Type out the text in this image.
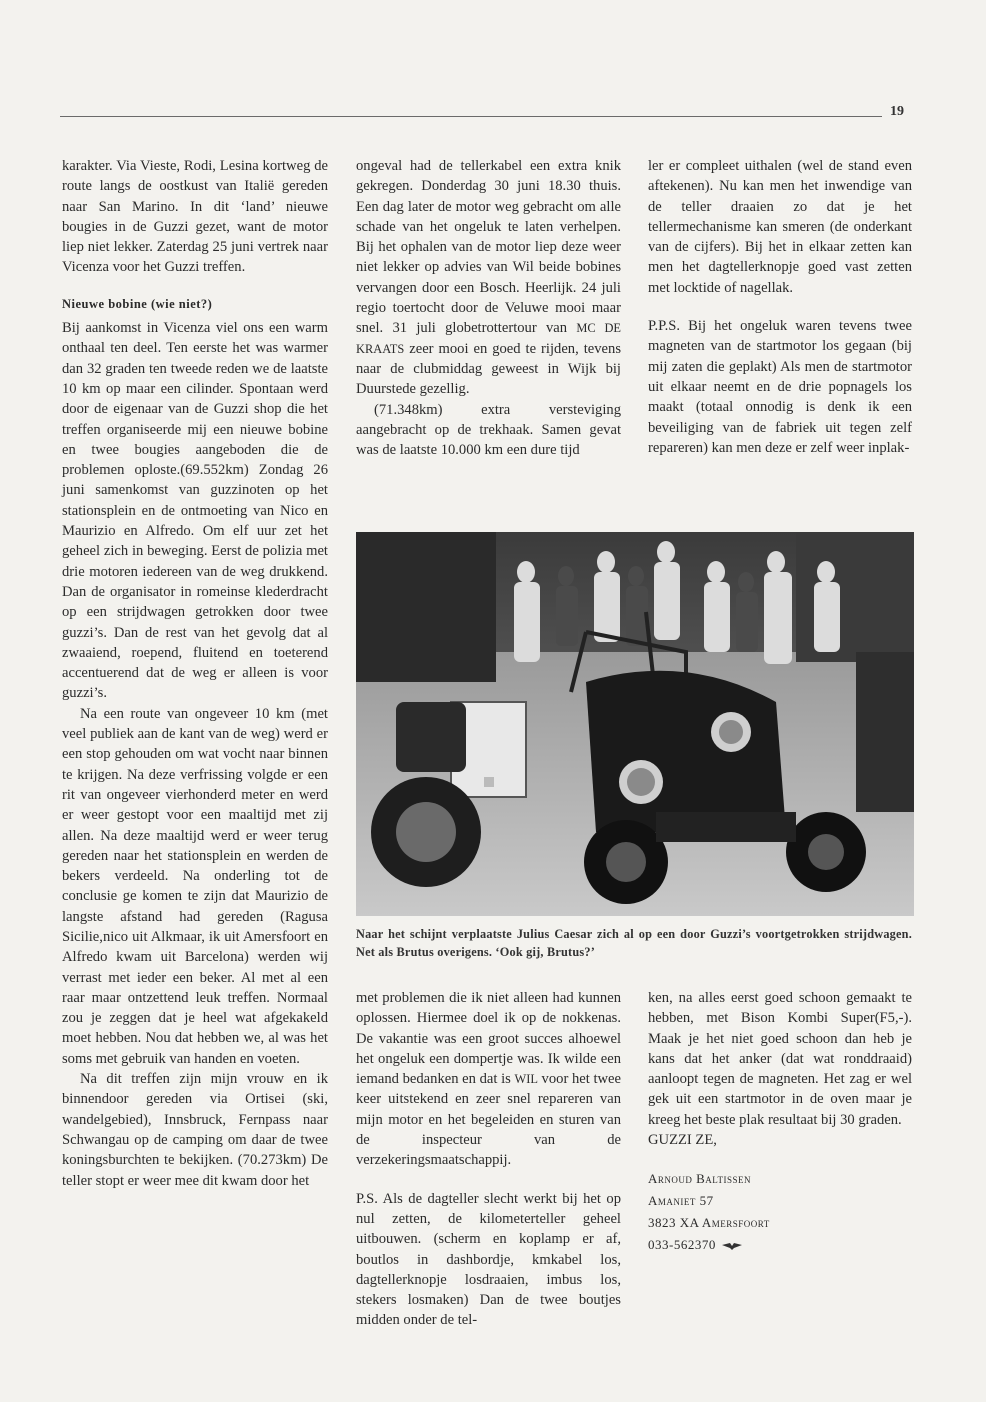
19

karakter. Via Vieste, Rodi, Lesina kortweg de route langs de oostkust van Italië gereden naar San Marino. In dit ‘land’ nieuwe bougies in de Guzzi gezet, want de motor liep niet lekker. Zaterdag 25 juni vertrek naar Vicenza voor het Guzzi treffen.

Nieuwe bobine (wie niet?)

Bij aankomst in Vicenza viel ons een warm onthaal ten deel. Ten eerste het was warmer dan 32 graden ten tweede reden we de laatste 10 km op maar een cilinder. Spontaan werd door de eigenaar van de Guzzi shop die het treffen organiseerde mij een nieuwe bobine en twee bougies aangeboden die de problemen oploste.(69.552km) Zondag 26 juni samenkomst van guzzinoten op het stationsplein en de ontmoeting van Nico en Maurizio en Alfredo. Om elf uur zet het geheel zich in beweging. Eerst de polizia met drie motoren iedereen van de weg drukkend. Dan de organisator in romeinse klederdracht op een strijdwagen getrokken door twee guzzi’s. Dan de rest van het gevolg dat al zwaaiend, roepend, fluitend en toeterend accentuerend dat de weg er alleen is voor guzzi’s.

Na een route van ongeveer 10 km (met veel publiek aan de kant van de weg) werd er een stop gehouden om wat vocht naar binnen te krijgen. Na deze verfrissing volgde er een rit van ongeveer vierhonderd meter en werd er weer gestopt voor een maaltijd met zij allen. Na deze maaltijd werd er weer terug gereden naar het stationsplein en werden de bekers verdeeld. Na onderling tot de conclusie ge komen te zijn dat Maurizio de langste afstand had gereden (Ragusa Sicilie,nico uit Alkmaar, ik uit Amersfoort en Alfredo kwam uit Barcelona) werden wij verrast met ieder een beker. Al met al een raar maar ontzettend leuk treffen. Normaal zou je zeggen dat je heel wat afgekakeld moet hebben. Nou dat hebben we, al was het soms met gebruik van handen en voeten.

Na dit treffen zijn mijn vrouw en ik binnendoor gereden via Ortisei (ski, wandelgebied), Innsbruck, Fernpass naar Schwangau op de camping om daar de twee koningsburchten te bekijken. (70.273km) De teller stopt er weer mee dit kwam door het

ongeval had de tellerkabel een extra knik gekregen. Donderdag 30 juni 18.30 thuis. Een dag later de motor weg gebracht om alle schade van het ongeluk te laten verhelpen. Bij het ophalen van de motor liep deze weer niet lekker op advies van Wil beide bobines vervangen door een Bosch. Heerlijk. 24 juli regio toertocht door de Veluwe mooi maar snel. 31 juli globetrottertour van MC DE KRAATS zeer mooi en goed te rijden, tevens naar de clubmiddag geweest in Wijk bij Duurstede gezellig.

(71.348km) extra versteviging aangebracht op de trekhaak. Samen gevat was de laatste 10.000 km een dure tijd

ler er compleet uithalen (wel de stand even aftekenen). Nu kan men het inwendige van de teller draaien zo dat je het tellermechanisme kan smeren (de onderkant van de cijfers). Bij het in elkaar zetten kan men het dagtellerknopje goed vast zetten met locktide of nagellak.

P.P.S. Bij het ongeluk waren tevens twee magneten van de startmotor los gegaan (bij mij zaten die geplakt) Als men de startmotor uit elkaar neemt en de drie popnagels los maakt (totaal onnodig is denk ik een beveiliging van de fabriek uit tegen zelf repareren) kan men deze er zelf weer inplak-

Naar het schijnt verplaatste Julius Caesar zich al op een door Guzzi’s voortgetrokken strijdwagen. Net als Brutus overigens. ‘Ook gij, Brutus?’

met problemen die ik niet alleen had kunnen oplossen. Hiermee doel ik op de nokkenas. De vakantie was een groot succes alhoewel het ongeluk een dompertje was. Ik wilde een iemand bedanken en dat is WIL voor het twee keer uitstekend en zeer snel repareren van mijn motor en het begeleiden en sturen van de inspecteur van de verzekeringsmaatschappij.

P.S. Als de dagteller slecht werkt bij het op nul zetten, de kilometerteller geheel uitbouwen. (scherm en koplamp er af, boutlos in dashbordje, kmkabel los, dagtellerknopje losdraaien, imbus los, stekers losmaken) Dan de twee boutjes midden onder de tel-

ken, na alles eerst goed schoon gemaakt te hebben, met Bison Kombi Super(F5,-). Maak je het niet goed schoon dan heb je kans dat het anker (dat wat ronddraaid) aanloopt tegen de magneten. Het zag er wel gek uit een startmotor in de oven maar je kreeg het beste plak resultaat bij 30 graden.

GUZZI ZE,

Arnoud Baltissen
Amaniet 57
3823 XA Amersfoort
033-562370
